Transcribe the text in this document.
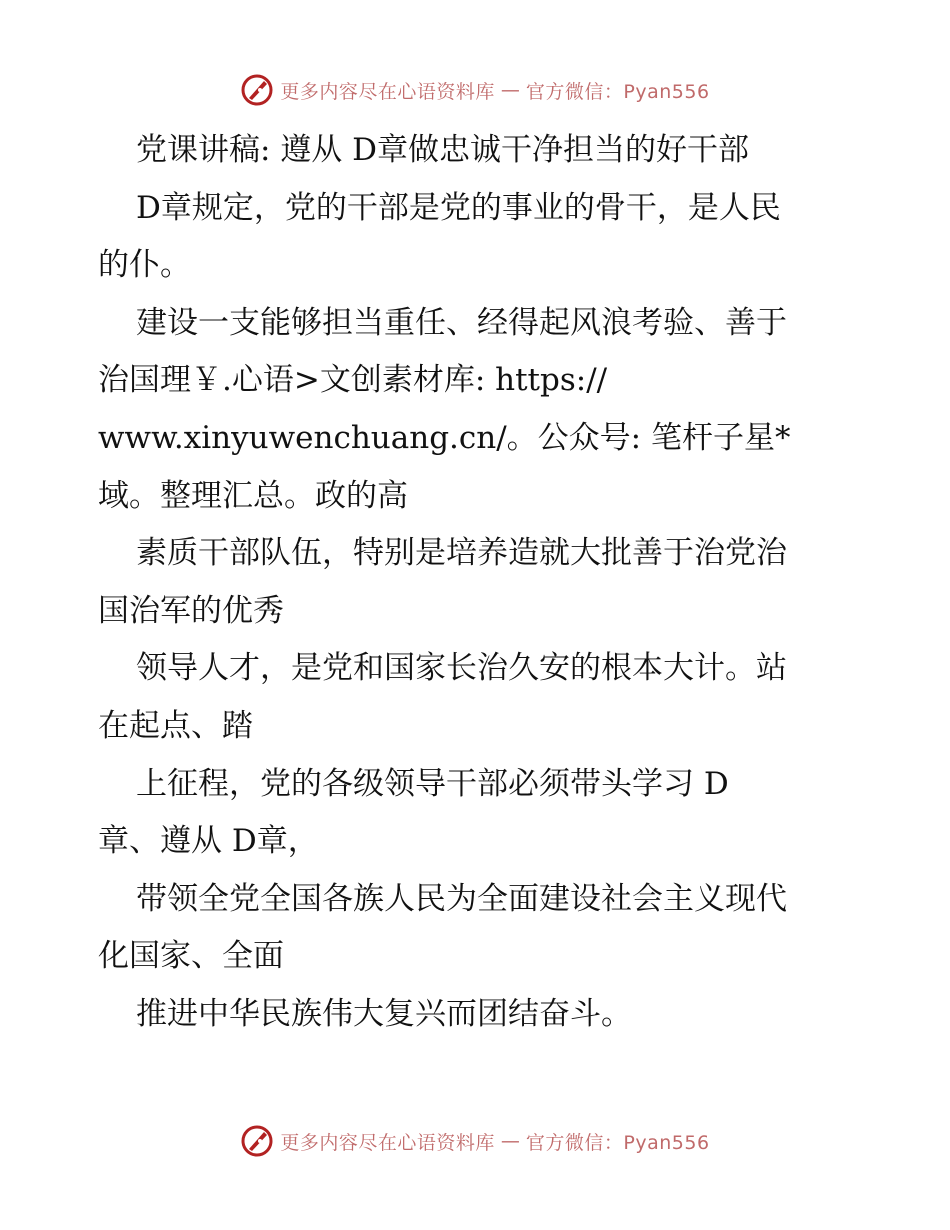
更多内容尽在心语资料库 — 官方微信：Pyan556

党课讲稿: 遵从 D章做忠诚干净担当的好干部

D章规定，党的干部是党的事业的骨干，是人民

的仆。

建设一支能够担当重任、经得起风浪考验、善于

治国理￥.心语>文创素材库: https://

www.xinyuwenchuang.cn/。公众号: 笔杆子星*

域。整理汇总。政的高

素质干部队伍，特别是培养造就大批善于治党治

国治军的优秀

领导人才，是党和国家长治久安的根本大计。站

在起点、踏

上征程，党的各级领导干部必须带头学习 D

章、遵从 D章，

带领全党全国各族人民为全面建设社会主义现代

化国家、全面

推进中华民族伟大复兴而团结奋斗。

更多内容尽在心语资料库 — 官方微信：Pyan556
